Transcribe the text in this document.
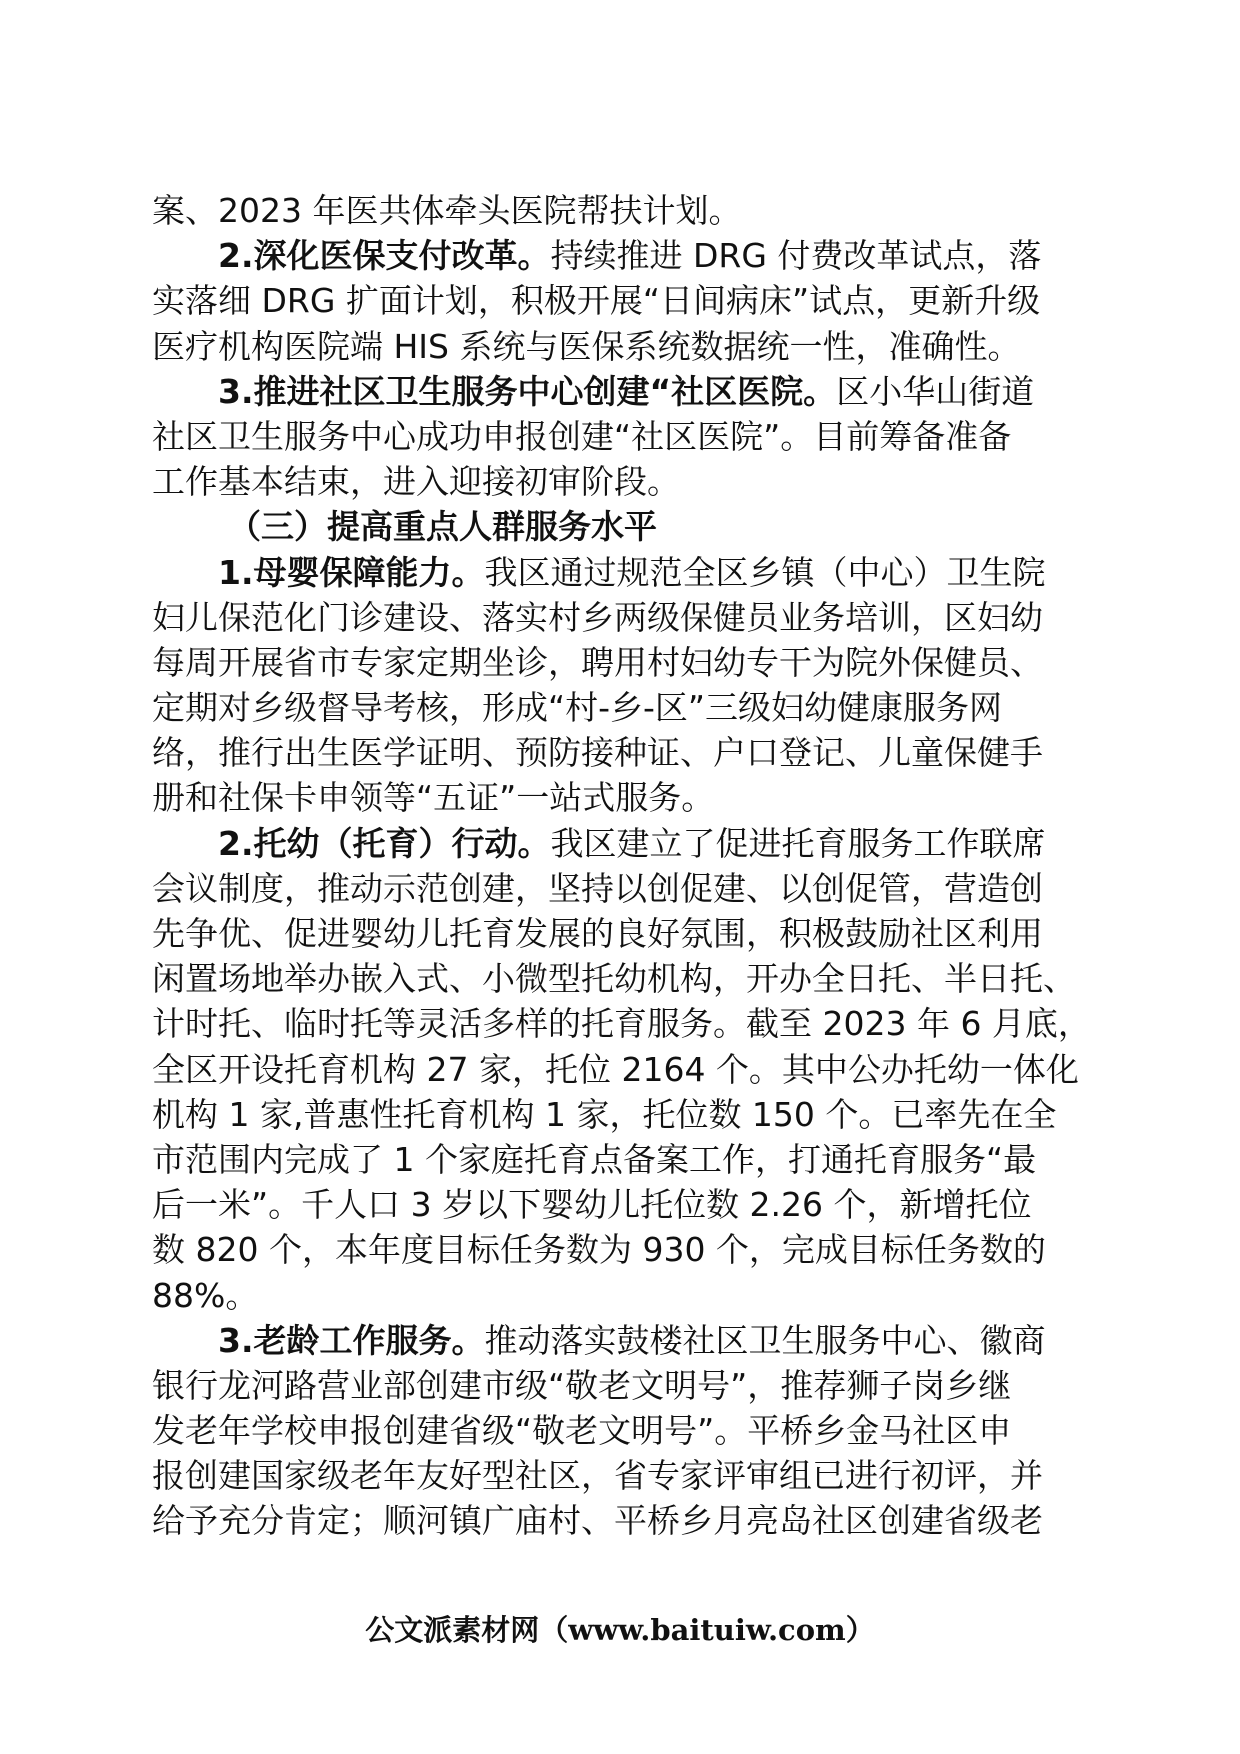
案、2023 年医共体牵头医院帮扶计划。
2.深化医保支付改革。持续推进 DRG 付费改革试点，落
实落细 DRG 扩面计划，积极开展“日间病床”试点，更新升级
医疗机构医院端 HIS 系统与医保系统数据统一性，准确性。
3.推进社区卫生服务中心创建“社区医院。区小华山街道
社区卫生服务中心成功申报创建“社区医院”。目前筹备准备
工作基本结束，进入迎接初审阶段。
（三）提高重点人群服务水平
1.母婴保障能力。我区通过规范全区乡镇（中心）卫生院
妇儿保范化门诊建设、落实村乡两级保健员业务培训，区妇幼
每周开展省市专家定期坐诊，聘用村妇幼专干为院外保健员、
定期对乡级督导考核，形成“村-乡-区”三级妇幼健康服务网
络，推行出生医学证明、预防接种证、户口登记、儿童保健手
册和社保卡申领等“五证”一站式服务。
2.托幼（托育）行动。我区建立了促进托育服务工作联席
会议制度，推动示范创建，坚持以创促建、以创促管，营造创
先争优、促进婴幼儿托育发展的良好氛围，积极鼓励社区利用
闲置场地举办嵌入式、小微型托幼机构，开办全日托、半日托、
计时托、临时托等灵活多样的托育服务。截至 2023 年 6 月底，
全区开设托育机构 27 家，托位 2164 个。其中公办托幼一体化
机构 1 家,普惠性托育机构 1 家，托位数 150 个。已率先在全
市范围内完成了 1 个家庭托育点备案工作，打通托育服务“最
后一米”。千人口 3 岁以下婴幼儿托位数 2.26 个，新增托位
数 820 个，本年度目标任务数为 930 个，完成目标任务数的
88%。
3.老龄工作服务。推动落实鼓楼社区卫生服务中心、徽商
银行龙河路营业部创建市级“敬老文明号”，推荐狮子岗乡继
发老年学校申报创建省级“敬老文明号”。平桥乡金马社区申
报创建国家级老年友好型社区，省专家评审组已进行初评，并
给予充分肯定；顺河镇广庙村、平桥乡月亮岛社区创建省级老
公文派素材网（www.baituiw.com）
